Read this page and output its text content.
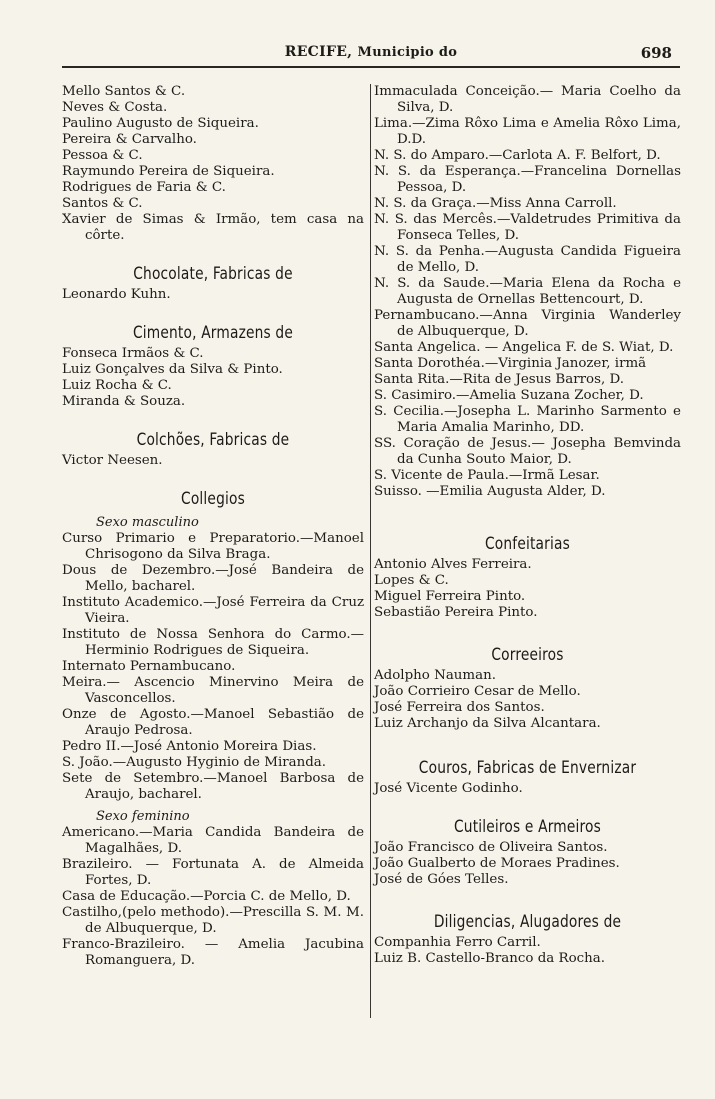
RECIFE, Municipio do	698

Mello Santos & C.

Neves & Costa.

Paulino Augusto de Siqueira.

Pereira & Carvalho.

Pessoa & C.

Raymundo Pereira de Siqueira.

Rodrigues de Faria & C.

Santos & C.

Xavier de Simas & Irmão, tem casa na côrte.

Chocolate, Fabricas de

Leonardo Kuhn.

Cimento, Armazens de

Fonseca Irmãos & C.

Luiz Gonçalves da Silva & Pinto.

Luiz Rocha & C.

Miranda & Souza.

Colchões, Fabricas de

Victor Neesen.

Collegios
Sexo masculino

Curso Primario e Preparatorio.—Manoel Chrisogono da Silva Braga.

Dous de Dezembro.—José Bandeira de Mello, bacharel.

Instituto Academico.—José Ferreira da Cruz Vieira.

Instituto de Nossa Senhora do Carmo.— Herminio Rodrigues de Siqueira.

Internato Pernambucano.

Meira.— Ascencio Minervino Meira de Vasconcellos.

Onze de Agosto.—Manoel Sebastião de Araujo Pedrosa.

Pedro II.—José Antonio Moreira Dias.

S. João.—Augusto Hyginio de Miranda.

Sete de Setembro.—Manoel Barbosa de Araujo, bacharel.

Sexo feminino

Americano.—Maria Candida Bandeira de Magalhães, D.

Brazileiro. — Fortunata A. de Almeida Fortes, D.

Casa de Educação.—Porcia C. de Mello, D.

Castilho,(pelo methodo).—Prescilla S. M. M. de Albuquerque, D.

Franco-Brazileiro. — Amelia Jacubina Romanguera, D.

Immaculada Conceição.— Maria Coelho da Silva, D.

Lima.—Zima Rôxo Lima e Amelia Rôxo Lima, D.D.

N. S. do Amparo.—Carlota A. F. Belfort, D.

N. S. da Esperança.—Francelina Dornellas Pessoa, D.

N. S. da Graça.—Miss Anna Carroll.

N. S. das Mercês.—Valdetrudes Primitiva da Fonseca Telles, D.

N. S. da Penha.—Augusta Candida Figueira de Mello, D.

N. S. da Saude.—Maria Elena da Rocha e Augusta de Ornellas Bettencourt, D.

Pernambucano.—Anna Virginia Wanderley de Albuquerque, D.

Santa Angelica. — Angelica F. de S. Wiat, D.

Santa Dorothéa.—Virginia Janozer, irmã

Santa Rita.—Rita de Jesus Barros, D.

S. Casimiro.—Amelia Suzana Zocher, D.

S. Cecilia.—Josepha L. Marinho Sarmento e Maria Amalia Marinho, DD.

SS. Coração de Jesus.— Josepha Bemvinda da Cunha Souto Maior, D.

S. Vicente de Paula.—Irmã Lesar.

Suisso. —Emilia Augusta Alder, D.

Confeitarias

Antonio Alves Ferreira.

Lopes & C.

Miguel Ferreira Pinto.

Sebastião Pereira Pinto.

Correeiros

Adolpho Nauman.

João Corrieiro Cesar de Mello.

José Ferreira dos Santos.

Luiz Archanjo da Silva Alcantara.

Couros, Fabricas de Envernizar

José Vicente Godinho.

Cutileiros e Armeiros

João Francisco de Oliveira Santos.

João Gualberto de Moraes Pradines.

José de Góes Telles.

Diligencias, Alugadores de

Companhia Ferro Carril.

Luiz B. Castello-Branco da Rocha.
